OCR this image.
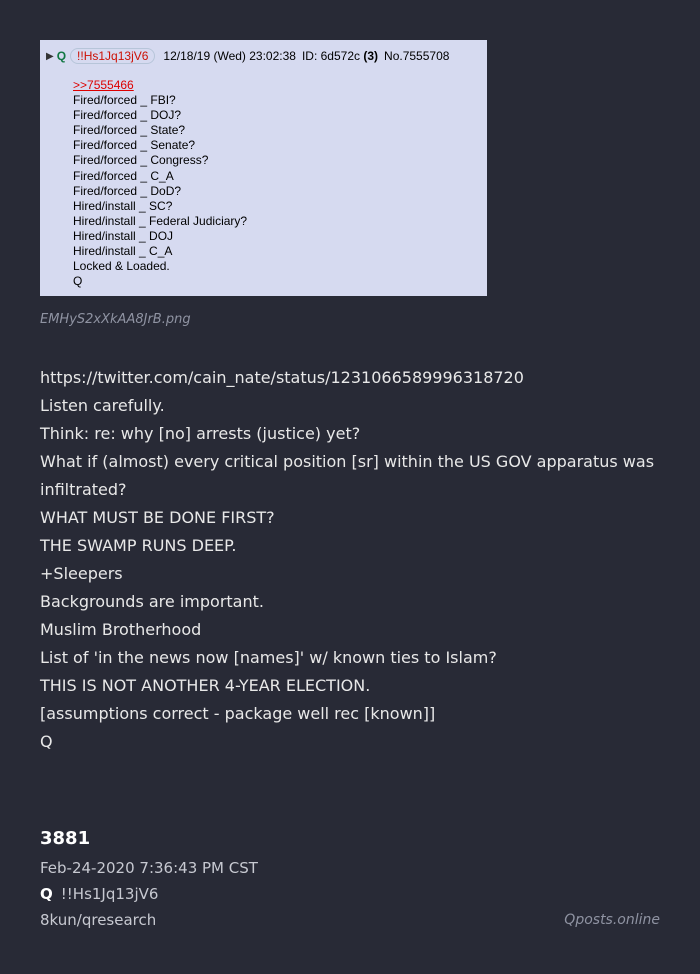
▶ Q !!Hs1Jq13jV6	12/18/19 (Wed) 23:02:38 ID: 6d572c (3) No.7555708
>>7555466
Fired/forced _ FBI?
Fired/forced _ DOJ?
Fired/forced _ State?
Fired/forced _ Senate?
Fired/forced _ Congress?
Fired/forced _ C_A
Fired/forced _ DoD?
Hired/install _ SC?
Hired/install _ Federal Judiciary?
Hired/install _ DOJ
Hired/install _ C_A
Locked & Loaded.
Q
EMHyS2xXkAA8JrB.png
https://twitter.com/cain_nate/status/1231066589996318720
Listen carefully.
Think: re: why [no] arrests (justice) yet?
What if (almost) every critical position [sr] within the US GOV apparatus was infiltrated?
WHAT MUST BE DONE FIRST?
THE SWAMP RUNS DEEP.
+Sleepers
Backgrounds are important.
Muslim Brotherhood
List of 'in the news now [names]' w/ known ties to Islam?
THIS IS NOT ANOTHER 4-YEAR ELECTION.
[assumptions correct - package well rec [known]]
Q
3881
Feb-24-2020 7:36:43 PM CST
Q !!Hs1Jq13jV6
8kun/qresearch	Qposts.online
